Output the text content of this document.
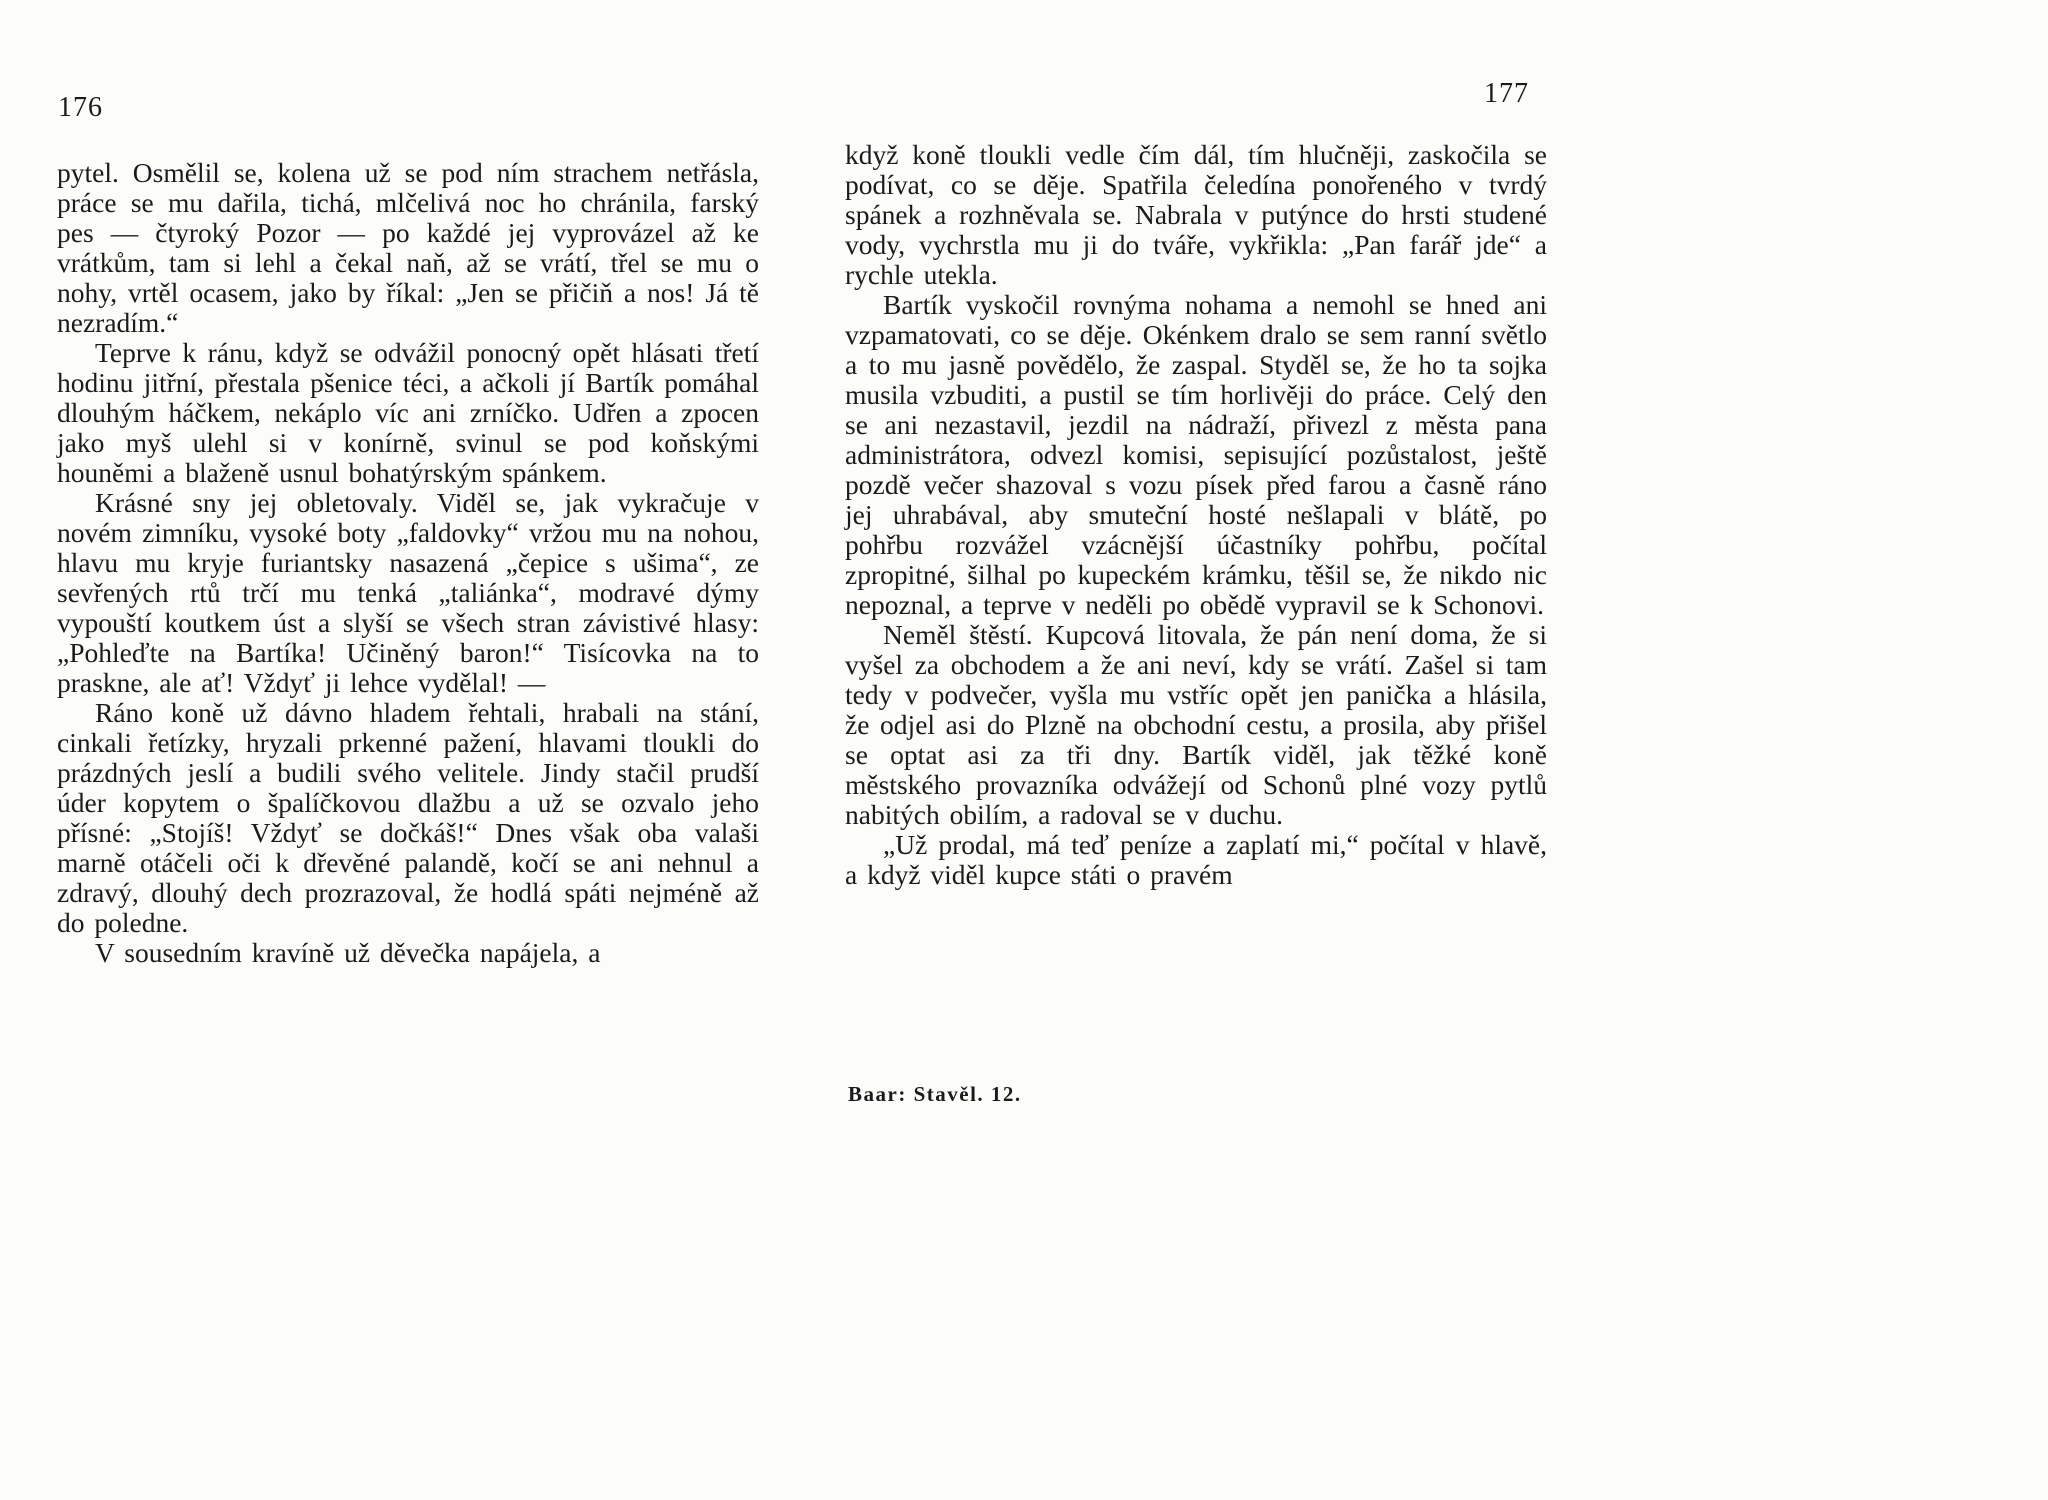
176	177

pytel. Osmělil se, kolena už se pod ním strachem netřásla, práce se mu dařila, tichá, mlčelivá noc ho chránila, farský pes — čtyroký Pozor — po každé jej vyprovázel až ke vrátkům, tam si lehl a čekal naň, až se vrátí, třel se mu o nohy, vrtěl ocasem, jako by říkal: „Jen se přičiň a nos! Já tě nezradím.“

Teprve k ránu, když se odvážil ponocný opět hlásati třetí hodinu jitřní, přestala pšenice téci, a ačkoli jí Bartík pomáhal dlouhým háčkem, nekáplo víc ani zrníčko. Udřen a zpocen jako myš ulehl si v konírně, svinul se pod koňskými houněmi a blaženě usnul bohatýrským spánkem.

Krásné sny jej obletovaly. Viděl se, jak vykračuje v novém zimníku, vysoké boty „faldovky“ vržou mu na nohou, hlavu mu kryje furiantsky nasazená „čepice s ušima“, ze sevřených rtů trčí mu tenká „taliánka“, modravé dýmy vypouští koutkem úst a slyší se všech stran závistivé hlasy: „Pohleďte na Bartíka! Učiněný baron!“ Tisícovka na to praskne, ale ať! Vždyť ji lehce vydělal! —

Ráno koně už dávno hladem řehtali, hrabali na stání, cinkali řetízky, hryzali prkenné pažení, hlavami tloukli do prázdných jeslí a budili svého velitele. Jindy stačil prudší úder kopytem o špalíčkovou dlažbu a už se ozvalo jeho přísné: „Stojíš! Vždyť se dočkáš!“ Dnes však oba valaši marně otáčeli oči k dřevěné palandě, kočí se ani nehnul a zdravý, dlouhý dech prozrazoval, že hodlá spáti nejméně až do poledne.

V sousedním kravíně už děvečka napájela, a

když koně tloukli vedle čím dál, tím hlučněji, zaskočila se podívat, co se děje. Spatřila čeledína ponořeného v tvrdý spánek a rozhněvala se. Nabrala v putýnce do hrsti studené vody, vychrstla mu ji do tváře, vykřikla: „Pan farář jde“ a rychle utekla.

Bartík vyskočil rovnýma nohama a nemohl se hned ani vzpamatovati, co se děje. Okénkem dralo se sem ranní světlo a to mu jasně povědělo, že zaspal. Styděl se, že ho ta sojka musila vzbuditi, a pustil se tím horlivěji do práce. Celý den se ani nezastavil, jezdil na nádraží, přivezl z města pana administrátora, odvezl komisi, sepisující pozůstalost, ještě pozdě večer shazoval s vozu písek před farou a časně ráno jej uhrabával, aby smuteční hosté nešlapali v blátě, po pohřbu rozvážel vzácnější účastníky pohřbu, počítal zpropitné, šilhal po kupeckém krámku, těšil se, že nikdo nic nepoznal, a teprve v neděli po obědě vypravil se k Schonovi.

Neměl štěstí. Kupcová litovala, že pán není doma, že si vyšel za obchodem a že ani neví, kdy se vrátí. Zašel si tam tedy v podvečer, vyšla mu vstříc opět jen panička a hlásila, že odjel asi do Plzně na obchodní cestu, a prosila, aby přišel se optat asi za tři dny. Bartík viděl, jak těžké koně městského provazníka odvážejí od Schonů plné vozy pytlů nabitých obilím, a radoval se v duchu.

„Už prodal, má teď peníze a zaplatí mi,“ počítal v hlavě, a když viděl kupce státi o pravém

Baar: Stavěl. 12.
